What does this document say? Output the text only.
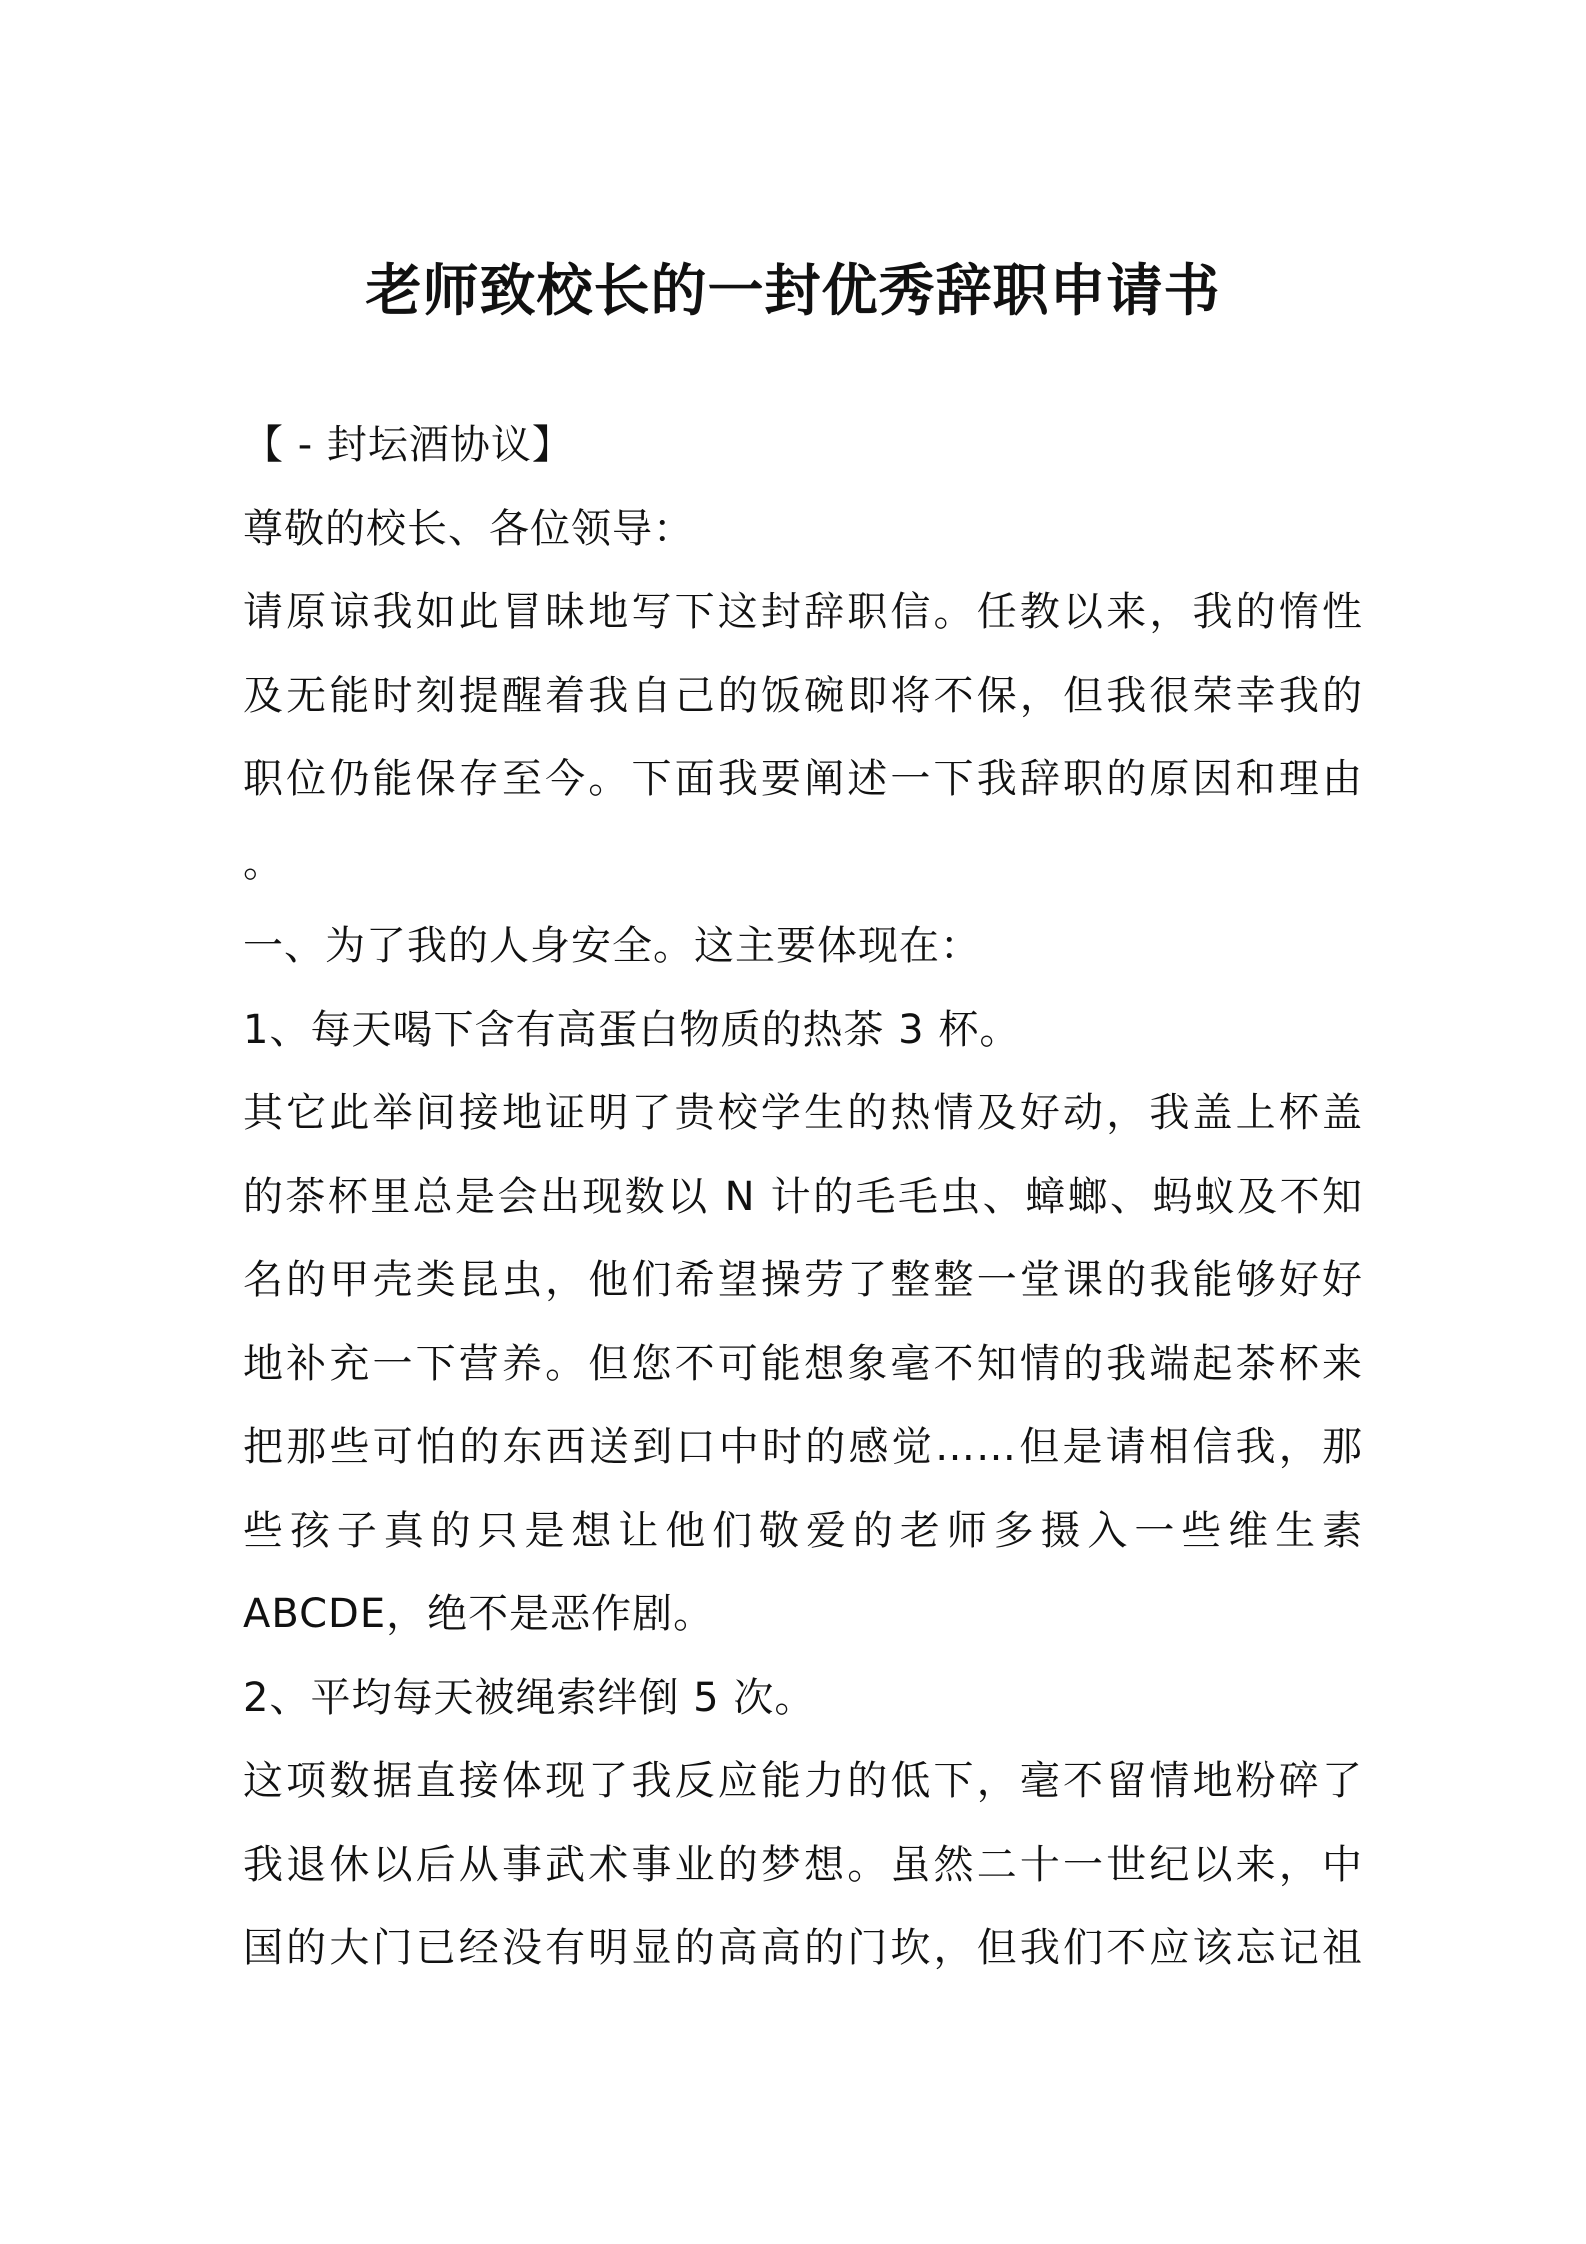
老师致校长的一封优秀辞职申请书

【 - 封坛酒协议】

尊敬的校长、各位领导：

请原谅我如此冒昧地写下这封辞职信。任教以来，我的惰性

及无能时刻提醒着我自己的饭碗即将不保，但我很荣幸我的

职位仍能保存至今。下面我要阐述一下我辞职的原因和理由

。

一、为了我的人身安全。这主要体现在：

1、每天喝下含有高蛋白物质的热茶 3 杯。

其它此举间接地证明了贵校学生的热情及好动，我盖上杯盖

的茶杯里总是会出现数以 N 计的毛毛虫、蟑螂、蚂蚁及不知

名的甲壳类昆虫，他们希望操劳了整整一堂课的我能够好好

地补充一下营养。但您不可能想象毫不知情的我端起茶杯来

把那些可怕的东西送到口中时的感觉……但是请相信我，那

些孩子真的只是想让他们敬爱的老师多摄入一些维生素

ABCDE，绝不是恶作剧。

2、平均每天被绳索绊倒 5 次。

这项数据直接体现了我反应能力的低下，毫不留情地粉碎了

我退休以后从事武术事业的梦想。虽然二十一世纪以来，中

国的大门已经没有明显的高高的门坎，但我们不应该忘记祖
